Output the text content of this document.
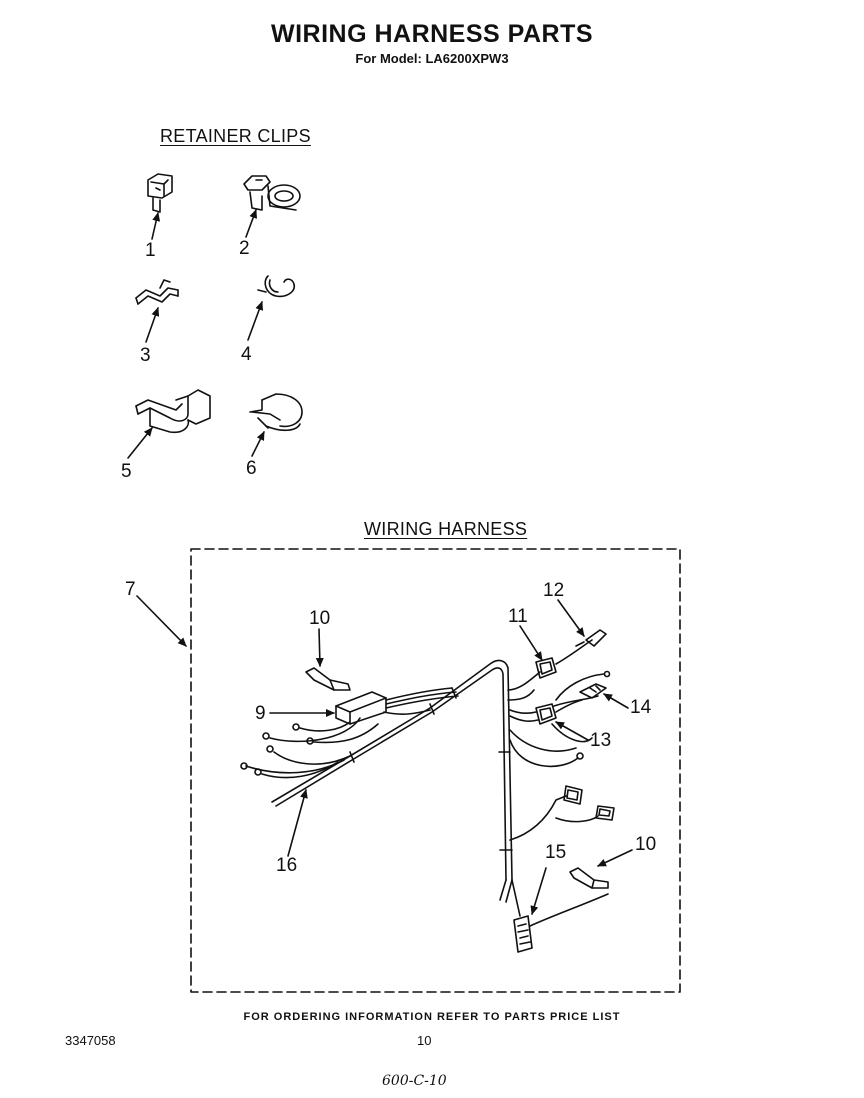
WIRING HARNESS PARTS
For Model: LA6200XPW3
RETAINER CLIPS
WIRING HARNESS
1	2
3	4
5	6
7
9
10
10
11
12
13
14
15
16
FOR ORDERING INFORMATION REFER TO PARTS PRICE LIST
3347058	10
600-C-10
